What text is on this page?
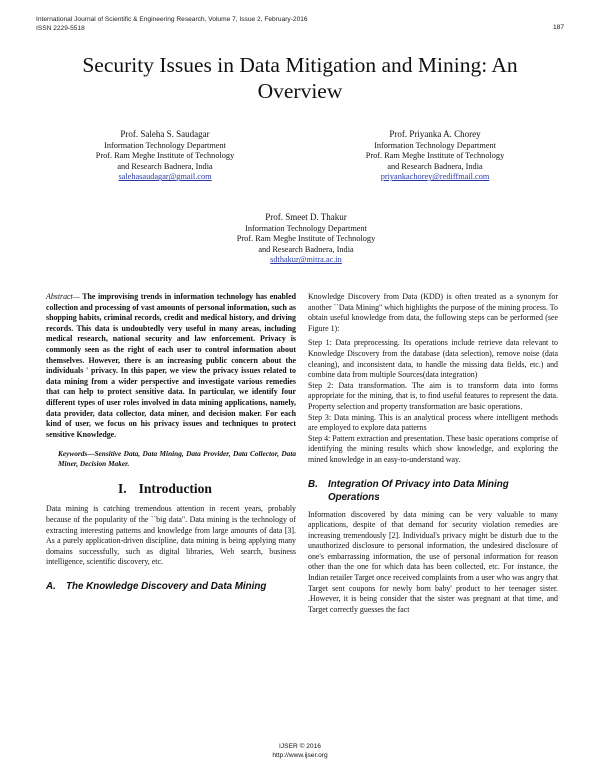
International Journal of Scientific & Engineering Research, Volume 7, Issue 2, February-2016
ISSN 2229-5518	187
Security Issues in Data Mitigation and Mining: An Overview
Prof. Saleha S. Saudagar
Information Technology Department
Prof. Ram Meghe Institute of Technology
and Research Badnera, India
salehasaudagar@gmail.com
Prof. Priyanka A. Chorey
Information Technology Department
Prof. Ram Meghe Institute of Technology
and Research Badnera, India
priyankachorey@rediffmail.com
Prof. Smeet D. Thakur
Information Technology Department
Prof. Ram Meghe Institute of Technology
and Research Badnera, India
sdthakur@mitra.ac.in

Abstract— The improvising trends in information technology has enabled collection and processing of vast amounts of personal information, such as shopping habits, criminal records, credit and medical history, and driving records. This data is undoubtedly very useful in many areas, including medical research, national security and law enforcement. Privacy is commonly seen as the right of each user to control information about themselves. However, there is an increasing public concern about the individuals ' privacy. In this paper, we view the privacy issues related to data mining from a wider perspective and investigate various remedies that can help to protect sensitive data. In particular, we identify four different types of user roles involved in data mining applications, namely, data provider, data collector, data miner, and decision maker. For each kind of user, we focus on his privacy issues and techniques to protect sensitive Knowledge.

Keywords—Sensitive Data, Data Mining, Data Provider, Data Collector, Data Miner, Decision Maker.

I. Introduction

Data mining is catching tremendous attention in recent years, probably because of the popularity of the ``big data". Data mining is the technology of extracting interesting patterns and knowledge from large amounts of data [3]. As a purely application-driven discipline, data mining is being applying many domains successfully, such as digital libraries, Web search, business intelligence, scientific discovery, etc.

A.	The Knowledge Discovery and Data Mining

Knowledge Discovery from Data (KDD) is often treated as a synonym for another ``Data Mining" which highlights the purpose of the mining process. To obtain useful knowledge from data, the following steps can be performed (see Figure 1):

Step 1: Data preprocessing. Its operations include retrieve data relevant to Knowledge Discovery from the database (data selection), remove noise (data cleaning), and inconsistent data, to handle the missing data fields, etc.) and combine data from multiple Sources(data integration)

Step 2: Data transformation. The aim is to transform data into forms appropriate for the mining, that is, to find useful features to represent the data. Property selection and property transformation are basic operations.

Step 3: Data mining. This is an analytical process where intelligent methods are employed to explore data patterns

Step 4: Pattern extraction and presentation. These basic operations comprise of identifying the mining results which show knowledge, and exploring the mined knowledge in an easy-to-understand way.

B.	Integration Of Privacy into Data Mining Operations

Information discovered by data mining can be very valuable to many applications, despite of that demand for security violation remedies are increasing tremendously [2]. Individual's privacy might be disturb due to the unauthorized disclosure to personal information, the undesired disclosure of one's embarrassing information, the use of personal information for reason other than the one for which data has been collected, etc. For instance, the Indian retailer Target once received complaints from a user who was angry that Target sent coupons for newly born baby' product to her teenager sister. .However, it is being consider that the sister was pregnant at that time, and Target correctly guesses the fact

IJSER © 2016
http://www.ijser.org
